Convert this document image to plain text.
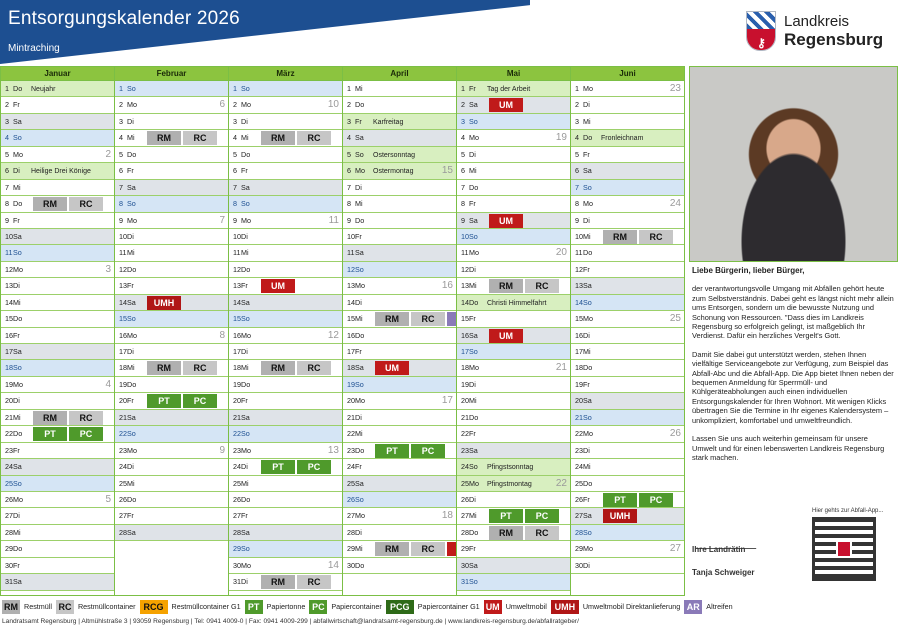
Entsorgungskalender 2026
Mintraching	⚷
Landkreis
Regensburg
Januar
1 Do Neujahr
2 Fr
3 Sa
4 So
5 Mo	2
6 Di Heilige Drei Könige
7 Mi
8 Do	RM	RC
9 Fr
10Sa
11So
12Mo	3
13Di
14Mi
15Do
16Fr
17Sa
18So
19Mo	4
20Di
21Mi	RM	RC
22Do	PT	PC
23Fr
24Sa
25So
26Mo	5
27Di
28Mi
29Do
30Fr
31Sa
Februar
1 So
2 Mo	6
3 Di
4 Mi	RM	RC
5 Do
6 Fr
7 Sa
8 So
9 Mo	7
10Di
11Mi
12Do
13Fr
14Sa	UMH
15So
16Mo	8
17Di
18Mi	RM	RC
19Do
20Fr	PT	PC
21Sa
22So
23Mo	9
24Di
25Mi
26Do
27Fr
28Sa
März
1 So
2 Mo	10
3 Di
4 Mi	RM	RC
5 Do
6 Fr
7 Sa
8 So
9 Mo	11
10Di
11Mi
12Do
13Fr	UM
14Sa
15So
16Mo	12
17Di
18Mi	RM	RC
19Do
20Fr
21Sa
22So
23Mo	13
24Di	PT	PC
25Mi
26Do
27Fr
28Sa
29So
30Mo	14
31Di	RM	RC
April
1 Mi
2 Do
3 Fr Karfreitag
4 Sa
5 So Ostersonntag
6 Mo Ostermontag	15
7 Di
8 Mi
9 Do
10Fr
11Sa
12So
13Mo	16
14Di
15Mi	RM	RC
16Do
17Fr
18Sa	UM
19So
20Mo	17
21Di
22Mi
23Do	PT	PC
24Fr
25Sa
26So
27Mo	18
28Di
29Mi	RM	RC
30Do
Mai
1 Fr Tag der Arbeit
2 Sa	UM
3 So
4 Mo	19
5 Di
6 Mi
7 Do
8 Fr
9 Sa	UM
10So
11Mo	20
12Di
13Mi	RM	RC
14Do Christi Himmelfahrt
15Fr
16Sa	UM
17So
18Mo	21
19Di
20Mi
21Do
22Fr
23Sa
24So Pfingstsonntag
25Mo Pfingstmontag 22
26Di
27Mi	PT	PC
28Do	RM	RC
29Fr
30Sa
31So
Juni
1 Mo	23
2 Di
3 Mi
4 Do Fronleichnam
5 Fr
6 Sa
7 So
8 Mo	24
9 Di
10Mi	RM	RC
11Do
12Fr
13Sa
14So
15Mo	25
16Di
17Mi
18Do
19Fr
20Sa
21So
22Mo	26
23Di
24Mi
25Do
26Fr	PT	PC
27Sa	UMH
28So
29Mo	27
30Di

Liebe Bürgerin, lieber Bürger,

der verantwortungsvolle Umgang mit Abfällen gehört heute zum Selbstverständnis. Dabei geht es längst nicht mehr allein ums Entsorgen, sondern um die bewusste Nutzung und Schonung von Ressourcen. "Dass dies im Landkreis Regensburg so erfolgreich gelingt, ist maßgeblich Ihr Verdienst. Dafür ein herzliches Vergelt's Gott.

Damit Sie dabei gut unterstützt werden, stehen Ihnen vielfältige Serviceangebote zur Verfügung, zum Beispiel das Abfall-Abc und die Abfall-App. Die App bietet Ihnen neben der bequemen Anmeldung für Sperrmüll- und Kühlgeräteabholungen auch einen individuellen Entsorgungskalender für Ihren Wohnort. Mit wenigen Klicks übertragen Sie die Termine in Ihr eigenes Kalendersystem – unkompliziert, komfortabel und umweltfreundlich.

Lassen Sie uns auch weiterhin gemeinsam für unsere Umwelt und für einen lebenswerten Landkreis Regensburg stark machen.

Ihre Landrätin
Tanja Schweiger
Hier gehts zur Abfall-App...
RM Restmüll RC Restmüllcontainer RCG Restmüllcontainer G1 PT Papiertonne PC Papiercontainer PCG Papiercontainer G1 UM Umweltmobil UMH Umweltmobil Direktanlieferung AR Altreifen
Landratsamt Regensburg | Altmühlstraße 3 | 93059 Regensburg | Tel: 0941 4009-0 | Fax: 0941 4009-299 | abfallwirtschaft@landratsamt-regensburg.de | www.landkreis-regensburg.de/abfallratgeber/
